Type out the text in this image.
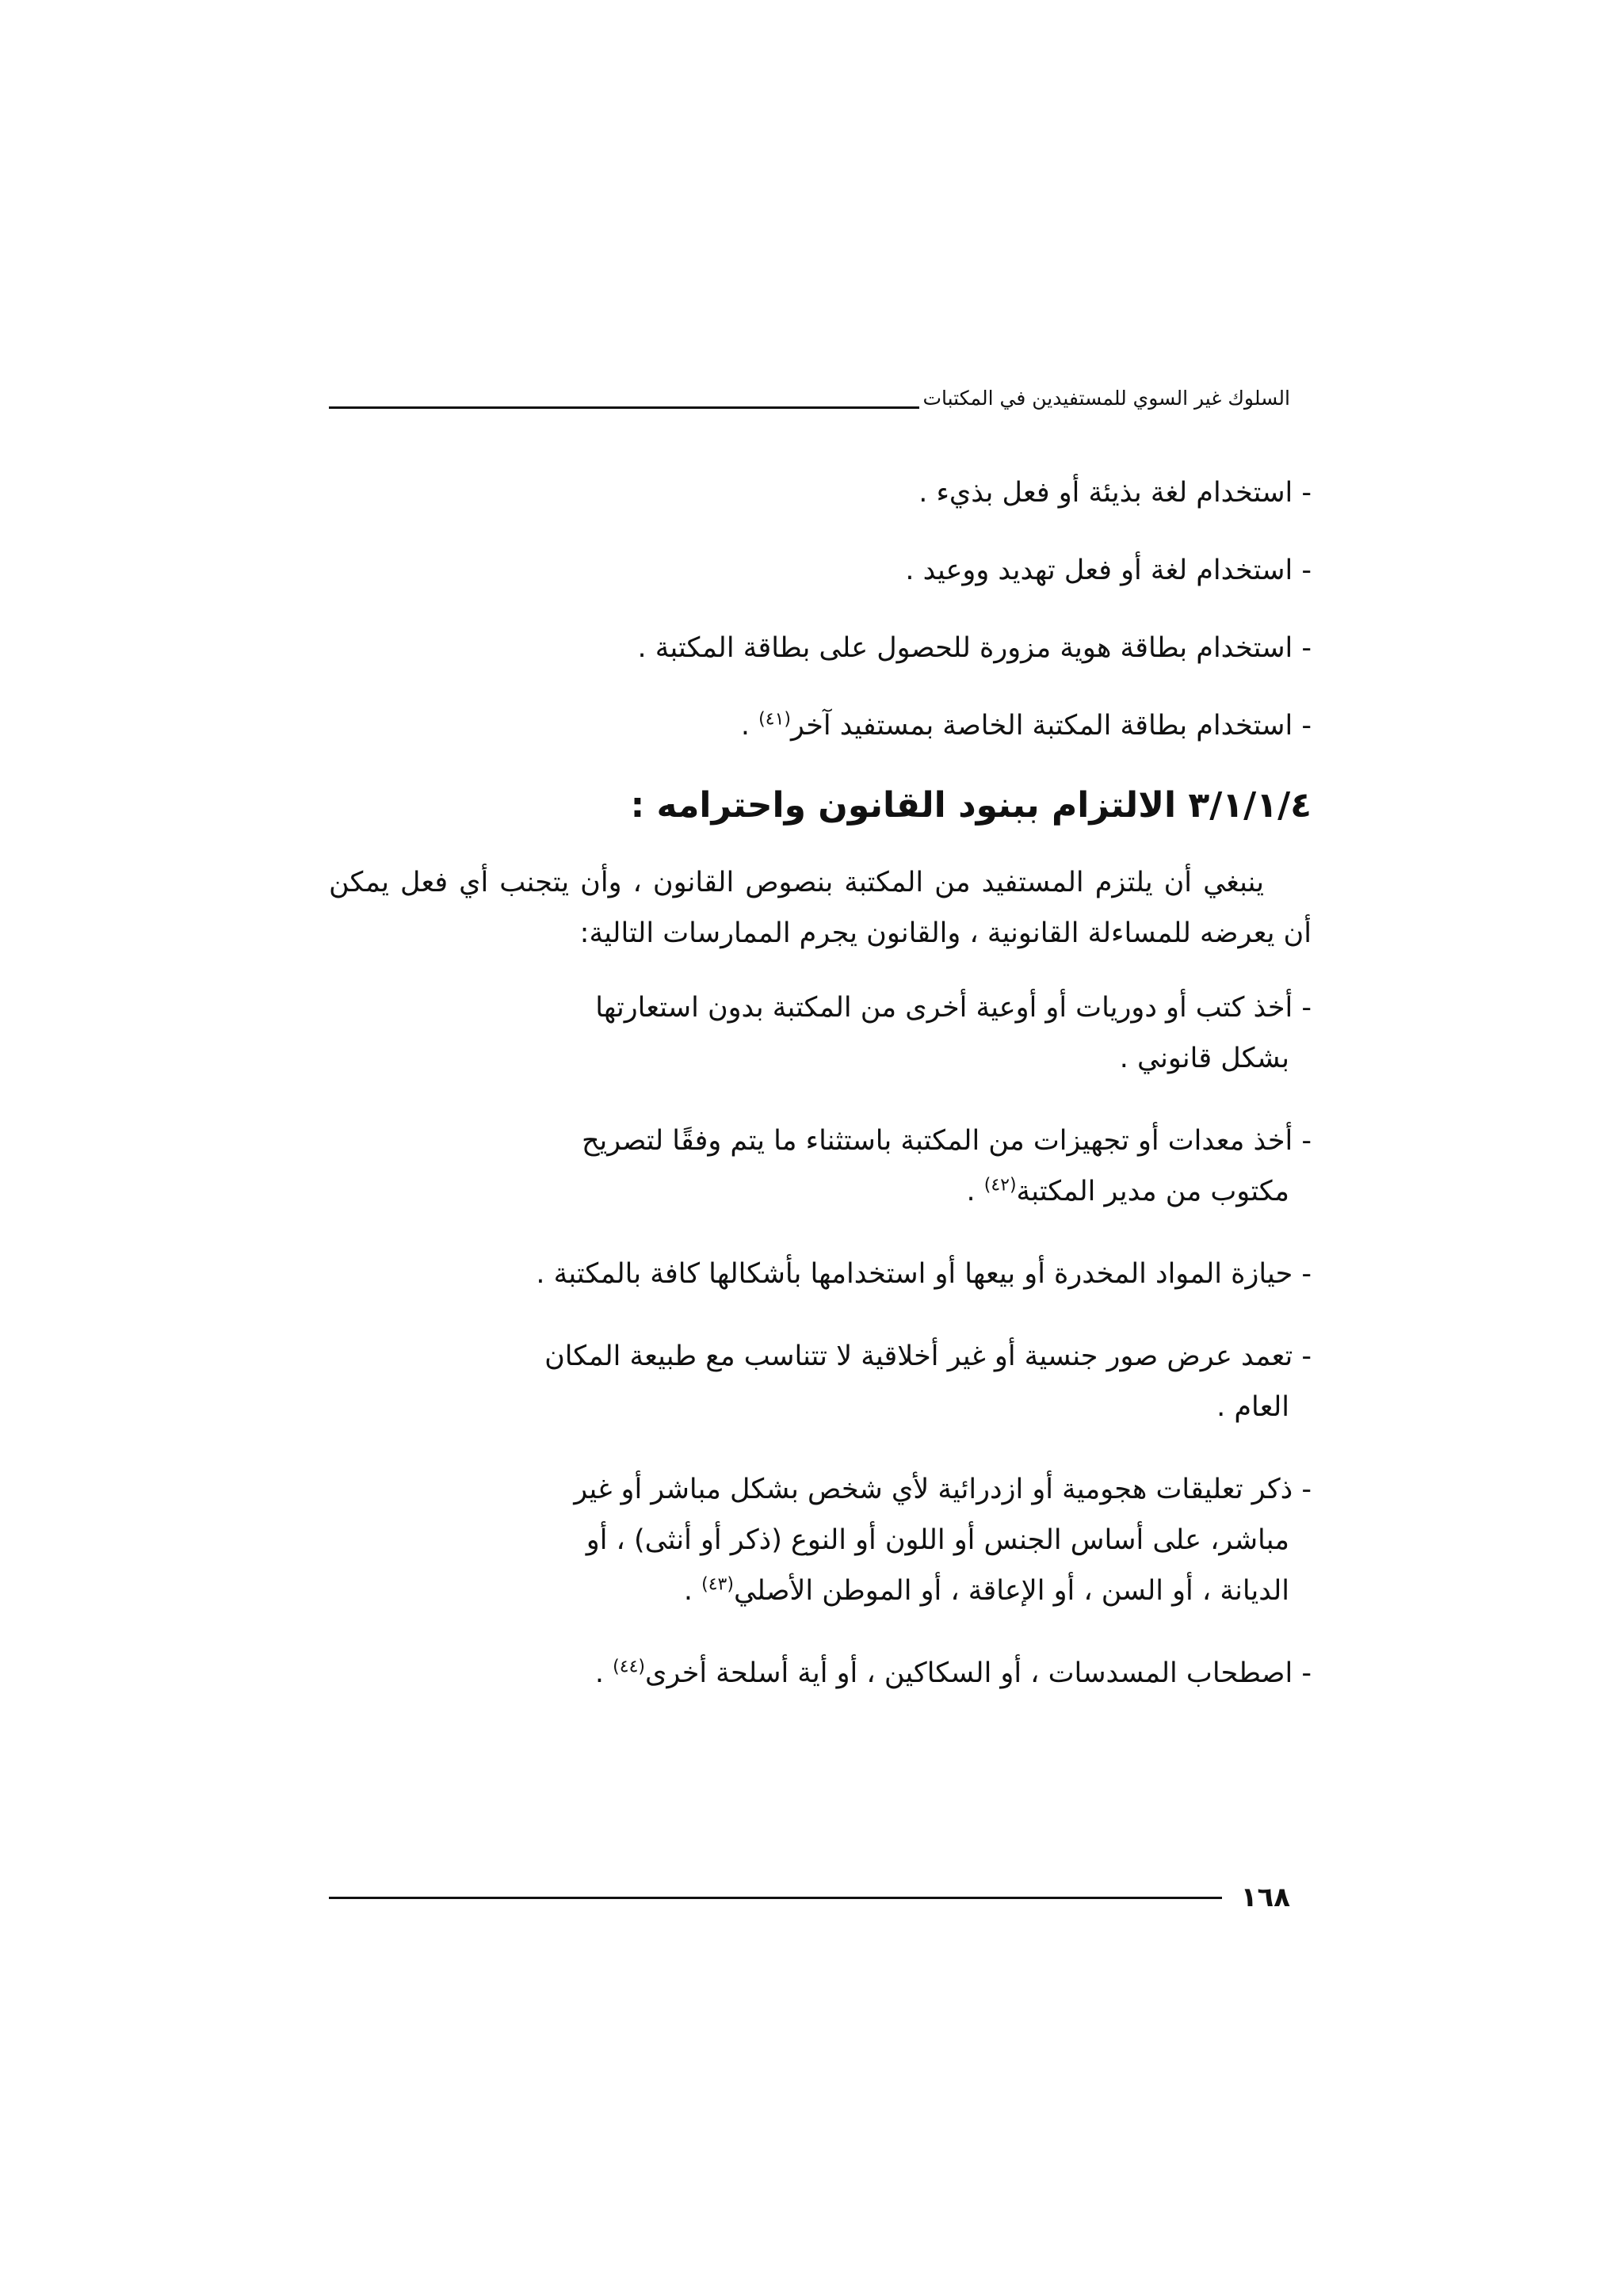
السلوك غير السوي للمستفيدين في المكتبات

- استخدام لغة بذيئة أو فعل بذيء .

- استخدام لغة أو فعل تهديد ووعيد .

- استخدام بطاقة هوية مزورة للحصول على بطاقة المكتبة .

- استخدام بطاقة المكتبة الخاصة بمستفيد آخر$^{(٤١)}$ .

٣/١/١/٤ الالتزام ببنود القانون واحترامه :

ينبغي أن يلتزم المستفيد من المكتبة بنصوص القانون ، وأن يتجنب أي فعل يمكن أن يعرضه للمساءلة القانونية ، والقانون يجرم الممارسات التالية:

- أخذ كتب أو دوريات أو أوعية أخرى من المكتبة بدون استعارتها
بشكل قانوني .

- أخذ معدات أو تجهيزات من المكتبة باستثناء ما يتم وفقًا لتصريح
مكتوب من مدير المكتبة$^{(٤٢)}$ .

- حيازة المواد المخدرة أو بيعها أو استخدامها بأشكالها كافة بالمكتبة .

- تعمد عرض صور جنسية أو غير أخلاقية لا تتناسب مع طبيعة المكان
العام .

- ذكر تعليقات هجومية أو ازدرائية لأي شخص بشكل مباشر أو غير
مباشر، على أساس الجنس أو اللون أو النوع (ذكر أو أنثى) ، أو
الديانة ، أو السن ، أو الإعاقة ، أو الموطن الأصلي$^{(٤٣)}$ .

- اصطحاب المسدسات ، أو السكاكين ، أو أية أسلحة أخرى$^{(٤٤)}$ .

١٦٨
